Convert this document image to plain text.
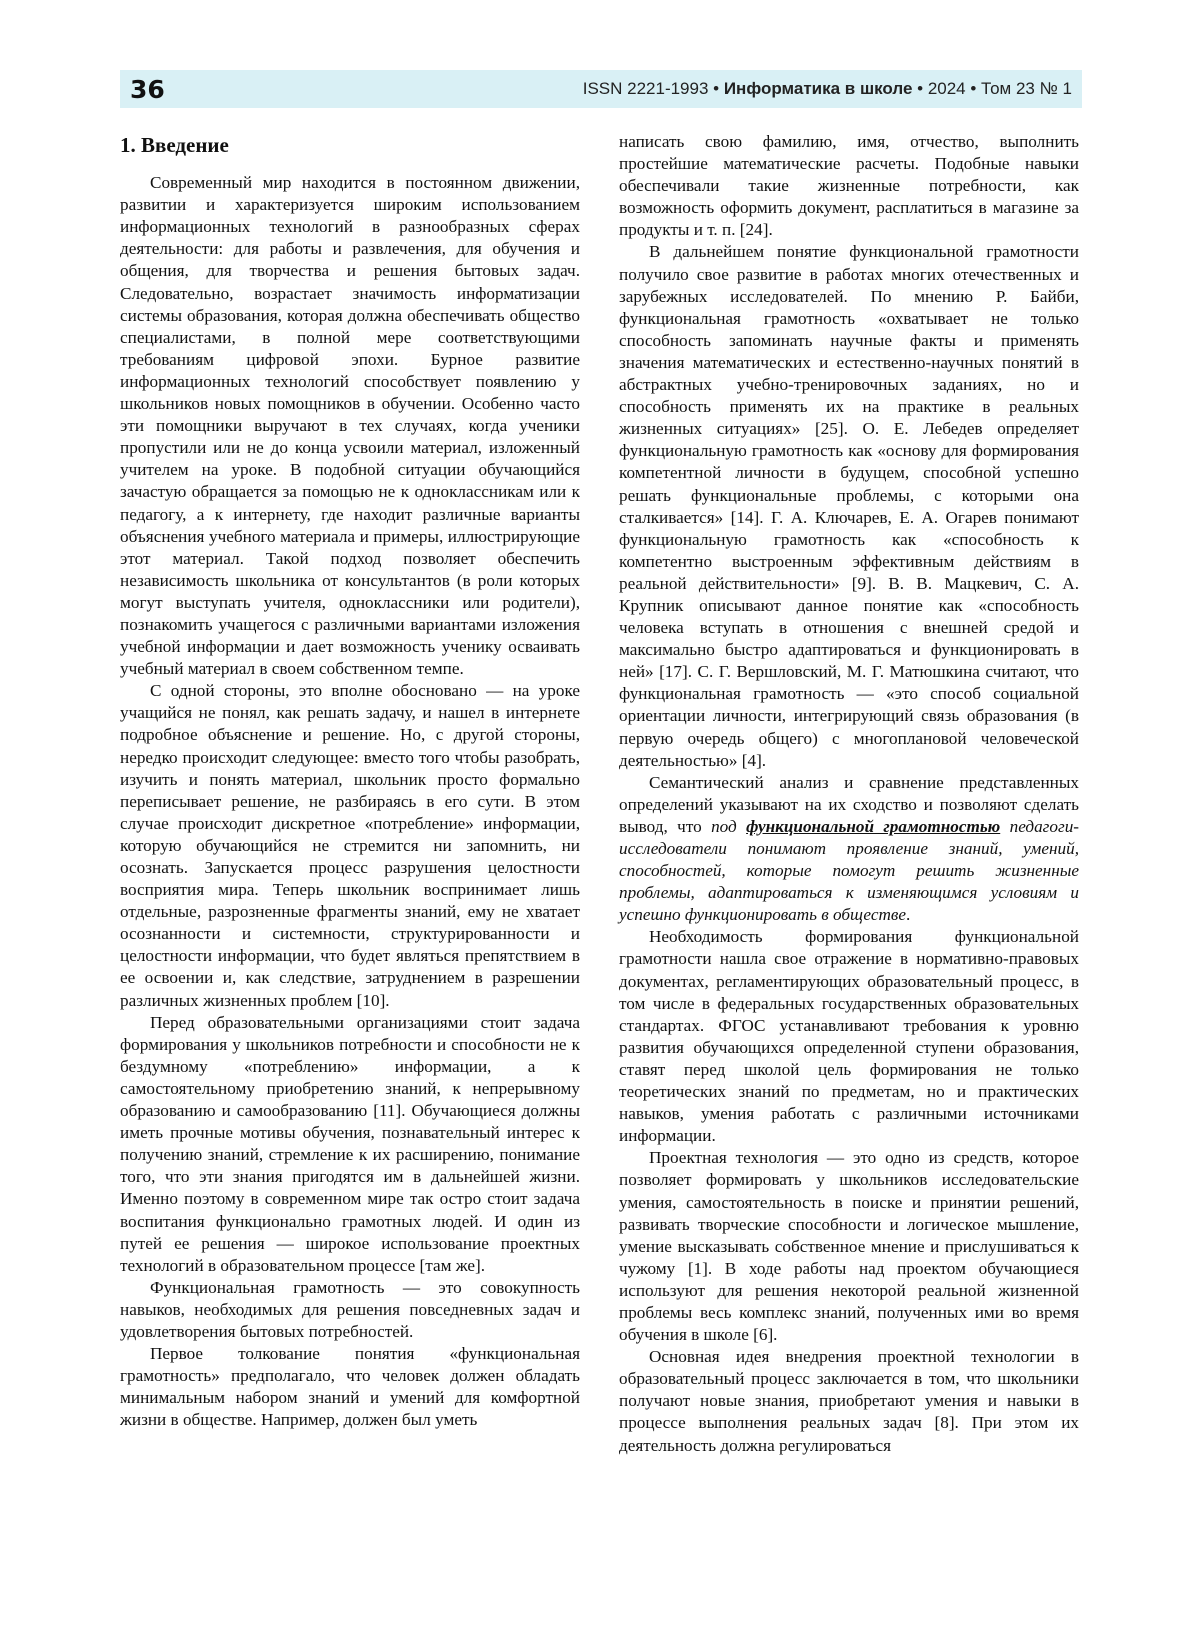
36	ISSN 2221-1993 • Информатика в школе • 2024 • Том 23 № 1
1. Введение

Современный мир находится в постоянном движении, развитии и характеризуется широким использованием информационных технологий в разнообразных сферах деятельности: для работы и развлечения, для обучения и общения, для творчества и решения бытовых задач. Следовательно, возрастает значимость информатизации системы образования, которая должна обеспечивать общество специалистами, в полной мере соответствующими требованиям цифровой эпохи. Бурное развитие информационных технологий способствует появлению у школьников новых помощников в обучении. Особенно часто эти помощники выручают в тех случаях, когда ученики пропустили или не до конца усвоили материал, изложенный учителем на уроке. В подобной ситуации обучающийся зачастую обращается за помощью не к одноклассникам или к педагогу, а к интернету, где находит различные варианты объяснения учебного материала и примеры, иллюстрирующие этот материал. Такой подход позволяет обеспечить независимость школьника от консультантов (в роли которых могут выступать учителя, одноклассники или родители), познакомить учащегося с различными вариантами изложения учебной информации и дает возможность ученику осваивать учебный материал в своем собственном темпе.

С одной стороны, это вполне обосновано — на уроке учащийся не понял, как решать задачу, и нашел в интернете подробное объяснение и решение. Но, с другой стороны, нередко происходит следующее: вместо того чтобы разобрать, изучить и понять материал, школьник просто формально переписывает решение, не разбираясь в его сути. В этом случае происходит дискретное «потребление» информации, которую обучающийся не стремится ни запомнить, ни осознать. Запускается процесс разрушения целостности восприятия мира. Теперь школьник воспринимает лишь отдельные, разрозненные фрагменты знаний, ему не хватает осознанности и системности, структурированности и целостности информации, что будет являться препятствием в ее освоении и, как следствие, затруднением в разрешении различных жизненных проблем [10].

Перед образовательными организациями стоит задача формирования у школьников потребности и способности не к бездумному «потреблению» информации, а к самостоятельному приобретению знаний, к непрерывному образованию и самообразованию [11]. Обучающиеся должны иметь прочные мотивы обучения, познавательный интерес к получению знаний, стремление к их расширению, понимание того, что эти знания пригодятся им в дальнейшей жизни. Именно поэтому в современном мире так остро стоит задача воспитания функционально грамотных людей. И один из путей ее решения — широкое использование проектных технологий в образовательном процессе [там же].

Функциональная грамотность — это совокупность навыков, необходимых для решения повседневных задач и удовлетворения бытовых потребностей.

Первое толкование понятия «функциональная грамотность» предполагало, что человек должен обладать минимальным набором знаний и умений для комфортной жизни в обществе. Например, должен был уметь

написать свою фамилию, имя, отчество, выполнить простейшие математические расчеты. Подобные навыки обеспечивали такие жизненные потребности, как возможность оформить документ, расплатиться в магазине за продукты и т. п. [24].

В дальнейшем понятие функциональной грамотности получило свое развитие в работах многих отечественных и зарубежных исследователей. По мнению Р. Байби, функциональная грамотность «охватывает не только способность запоминать научные факты и применять значения математических и естественно-научных понятий в абстрактных учебно-тренировочных заданиях, но и способность применять их на практике в реальных жизненных ситуациях» [25]. О. Е. Лебедев определяет функциональную грамотность как «основу для формирования компетентной личности в будущем, способной успешно решать функциональные проблемы, с которыми она сталкивается» [14]. Г. А. Ключарев, Е. А. Огарев понимают функциональную грамотность как «способность к компетентно выстроенным эффективным действиям в реальной действительности» [9]. В. В. Мацкевич, С. А. Крупник описывают данное понятие как «способность человека вступать в отношения с внешней средой и максимально быстро адаптироваться и функционировать в ней» [17]. С. Г. Вершловский, М. Г. Матюшкина считают, что функциональная грамотность — «это способ социальной ориентации личности, интегрирующий связь образования (в первую очередь общего) с многоплановой человеческой деятельностью» [4].

Семантический анализ и сравнение представленных определений указывают на их сходство и позволяют сделать вывод, что под функциональной грамотностью педагоги-исследователи понимают проявление знаний, умений, способностей, которые помогут решить жизненные проблемы, адаптироваться к изменяющимся условиям и успешно функционировать в обществе.

Необходимость формирования функциональной грамотности нашла свое отражение в нормативно-правовых документах, регламентирующих образовательный процесс, в том числе в федеральных государственных образовательных стандартах. ФГОС устанавливают требования к уровню развития обучающихся определенной ступени образования, ставят перед школой цель формирования не только теоретических знаний по предметам, но и практических навыков, умения работать с различными источниками информации.

Проектная технология — это одно из средств, которое позволяет формировать у школьников исследовательские умения, самостоятельность в поиске и принятии решений, развивать творческие способности и логическое мышление, умение высказывать собственное мнение и прислушиваться к чужому [1]. В ходе работы над проектом обучающиеся используют для решения некоторой реальной жизненной проблемы весь комплекс знаний, полученных ими во время обучения в школе [6].

Основная идея внедрения проектной технологии в образовательный процесс заключается в том, что школьники получают новые знания, приобретают умения и навыки в процессе выполнения реальных задач [8]. При этом их деятельность должна регулироваться
